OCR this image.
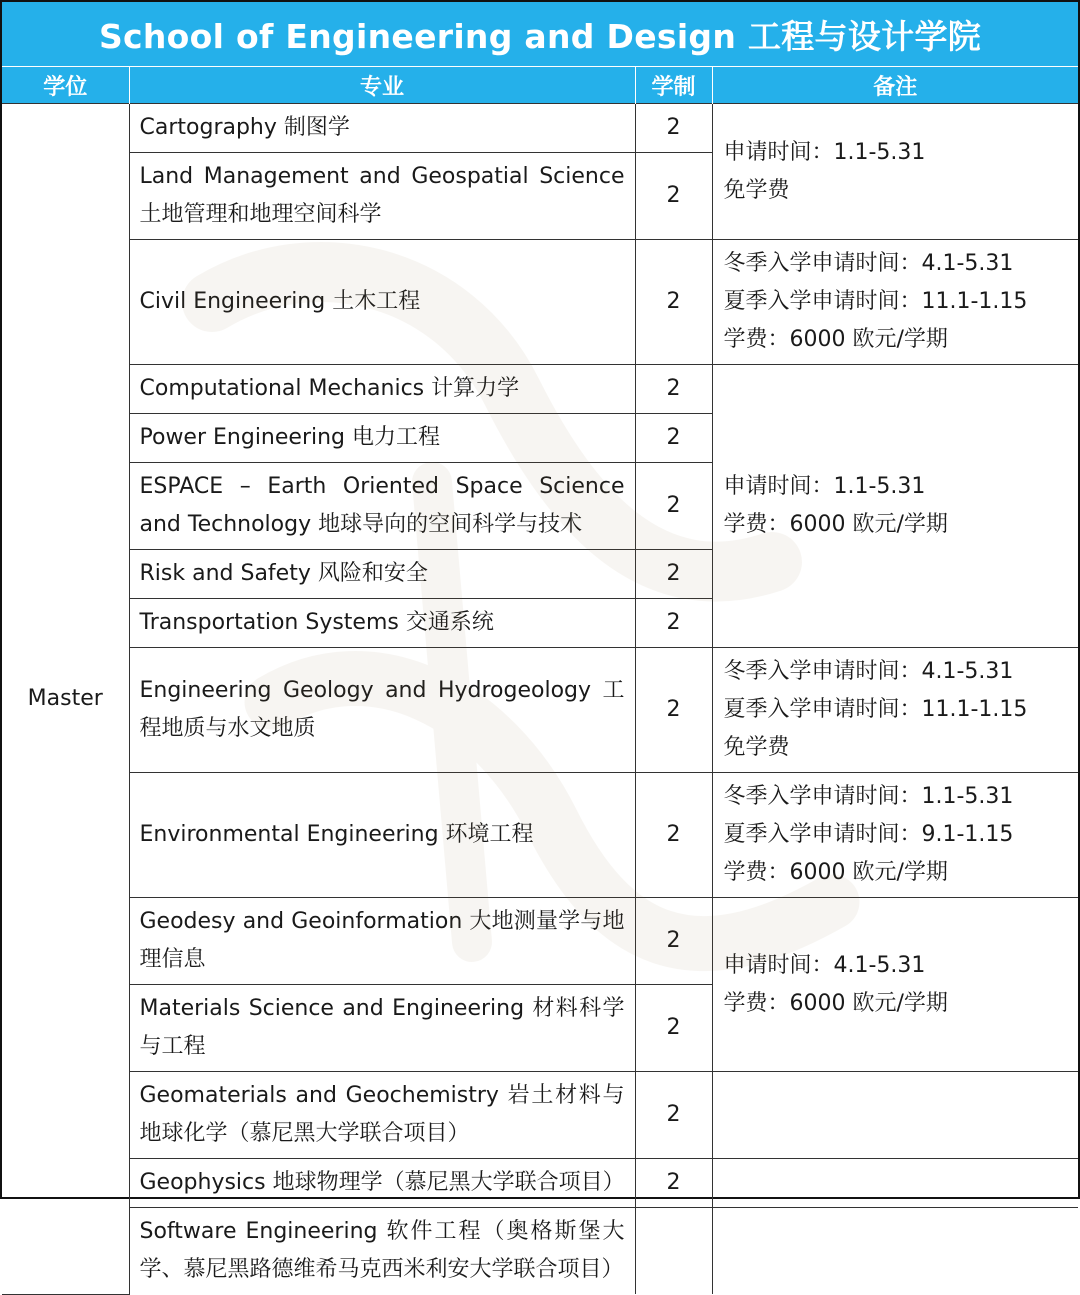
School of Engineering and Design 工程与设计学院
学位	专业	学制	备注
Master	Cartography 制图学	2	申请时间：1.1-5.31
免学费

	Land Management and Geospatial Science 土地管理和地理空间科学	2	
	Civil Engineering 土木工程	2	冬季入学申请时间：4.1-5.31
夏季入学申请时间：11.1-1.15
学费：6000 欧元/学期

	Computational Mechanics 计算力学	2	申请时间：1.1-5.31
学费：6000 欧元/学期

	Power Engineering 电力工程	2	
	ESPACE – Earth Oriented Space Science and Technology 地球导向的空间科学与技术	2	
	Risk and Safety 风险和安全	2	
	Transportation Systems 交通系统	2	
	Engineering Geology and Hydrogeology 工程地质与水文地质	2	冬季入学申请时间：4.1-5.31
夏季入学申请时间：11.1-1.15
免学费

	Environmental Engineering 环境工程	2	冬季入学申请时间：1.1-5.31
夏季入学申请时间：9.1-1.15
学费：6000 欧元/学期

	Geodesy and Geoinformation 大地测量学与地理信息	2	申请时间：4.1-5.31
学费：6000 欧元/学期

	Materials Science and Engineering 材料科学与工程	2	
	Geomaterials and Geochemistry 岩土材料与地球化学（慕尼黑大学联合项目）	2	
	Geophysics 地球物理学（慕尼黑大学联合项目）	2	
	Software Engineering 软件工程（奥格斯堡大学、慕尼黑路德维希马克西米利安大学联合项目）		
